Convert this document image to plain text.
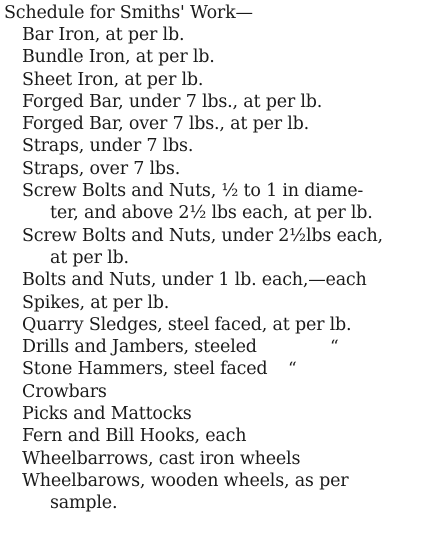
Schedule for Smiths' Work—
Bar Iron, at per lb.
Bundle Iron, at per lb.
Sheet Iron, at per lb.
Forged Bar, under 7 lbs., at per lb.
Forged Bar, over 7 lbs., at per lb.
Straps, under 7 lbs.
Straps, over 7 lbs.
Screw Bolts and Nuts, ½ to 1 in diame-
ter, and above 2½ lbs each, at per lb.
Screw Bolts and Nuts, under 2½lbs each,
at per lb.
Bolts and Nuts, under 1 lb. each,—each
Spikes, at per lb.
Quarry Sledges, steel faced, at per lb.
Drills and Jambers, steeled	“
Stone Hammers, steel faced “
Crowbars
Picks and Mattocks
Fern and Bill Hooks, each
Wheelbarrows, cast iron wheels
Wheelbarows, wooden wheels, as per
sample.
